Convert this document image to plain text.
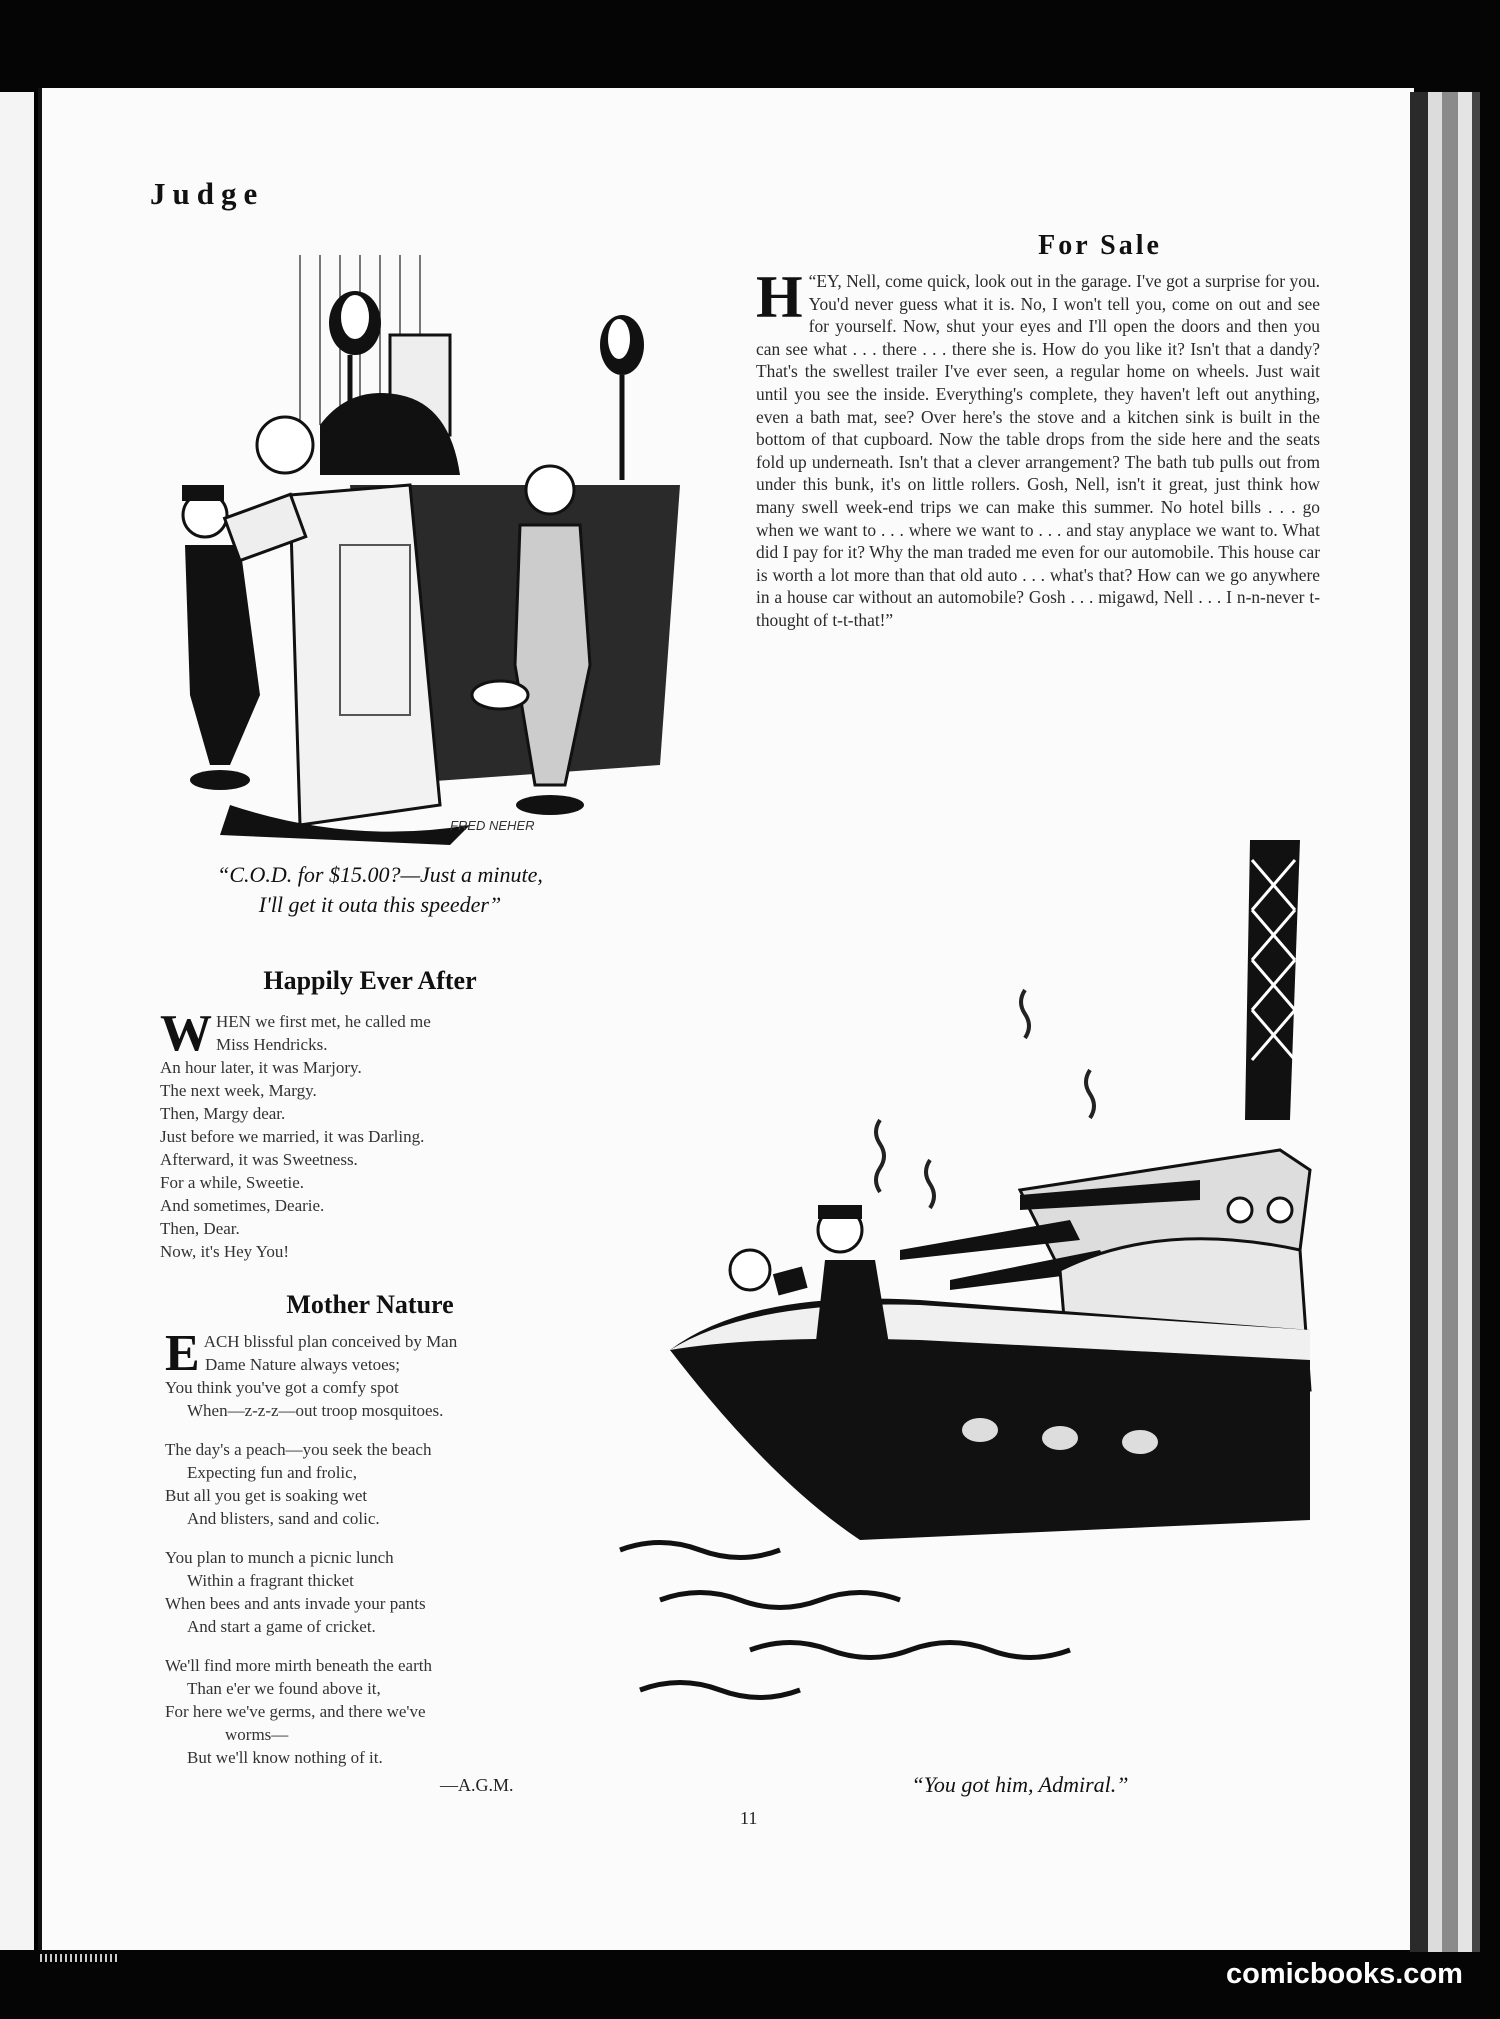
Judge
For Sale

H “EY, Nell, come quick, look out in the garage. I've got a surprise for you. You'd never guess what it is. No, I won't tell you, come on out and see for yourself. Now, shut your eyes and I'll open the doors and then you can see what . . . there . . . there she is. How do you like it? Isn't that a dandy? That's the swellest trailer I've ever seen, a regular home on wheels. Just wait until you see the inside. Everything's complete, they haven't left out anything, even a bath mat, see? Over here's the stove and a kitchen sink is built in the bottom of that cupboard. Now the table drops from the side here and the seats fold up underneath. Isn't that a clever arrangement? The bath tub pulls out from under this bunk, it's on little rollers. Gosh, Nell, isn't it great, just think how many swell week-end trips we can make this summer. No hotel bills . . . go when we want to . . . where we want to . . . and stay anyplace we want to. What did I pay for it? Why the man traded me even for our automobile. This house car is worth a lot more than that old auto . . . what's that? How can we go anywhere in a house car without an automobile? Gosh . . . migawd, Nell . . . I n-n-never t-thought of t-t-that!”

FRED NEHER
“C.O.D. for $15.00?—Just a minute,
I'll get it outa this speeder”
Happily Ever After
W HEN we first met, he called me
Miss Hendricks.
An hour later, it was Marjory.
The next week, Margy.
Then, Margy dear.
Just before we married, it was Darling.
Afterward, it was Sweetness.
For a while, Sweetie.
And sometimes, Dearie.
Then, Dear.
Now, it's Hey You!
Mother Nature
E ACH blissful plan conceived by Man
Dame Nature always vetoes;
You think you've got a comfy spot
When—z-z-z—out troop mosquitoes.
The day's a peach—you seek the beach
Expecting fun and frolic,
But all you get is soaking wet
And blisters, sand and colic.
You plan to munch a picnic lunch
Within a fragrant thicket
When bees and ants invade your pants
And start a game of cricket.
We'll find more mirth beneath the earth
Than e'er we found above it,
For here we've germs, and there we've
worms—
But we'll know nothing of it.
—A.G.M.	“You got him, Admiral.”
11
comicbooks.com
